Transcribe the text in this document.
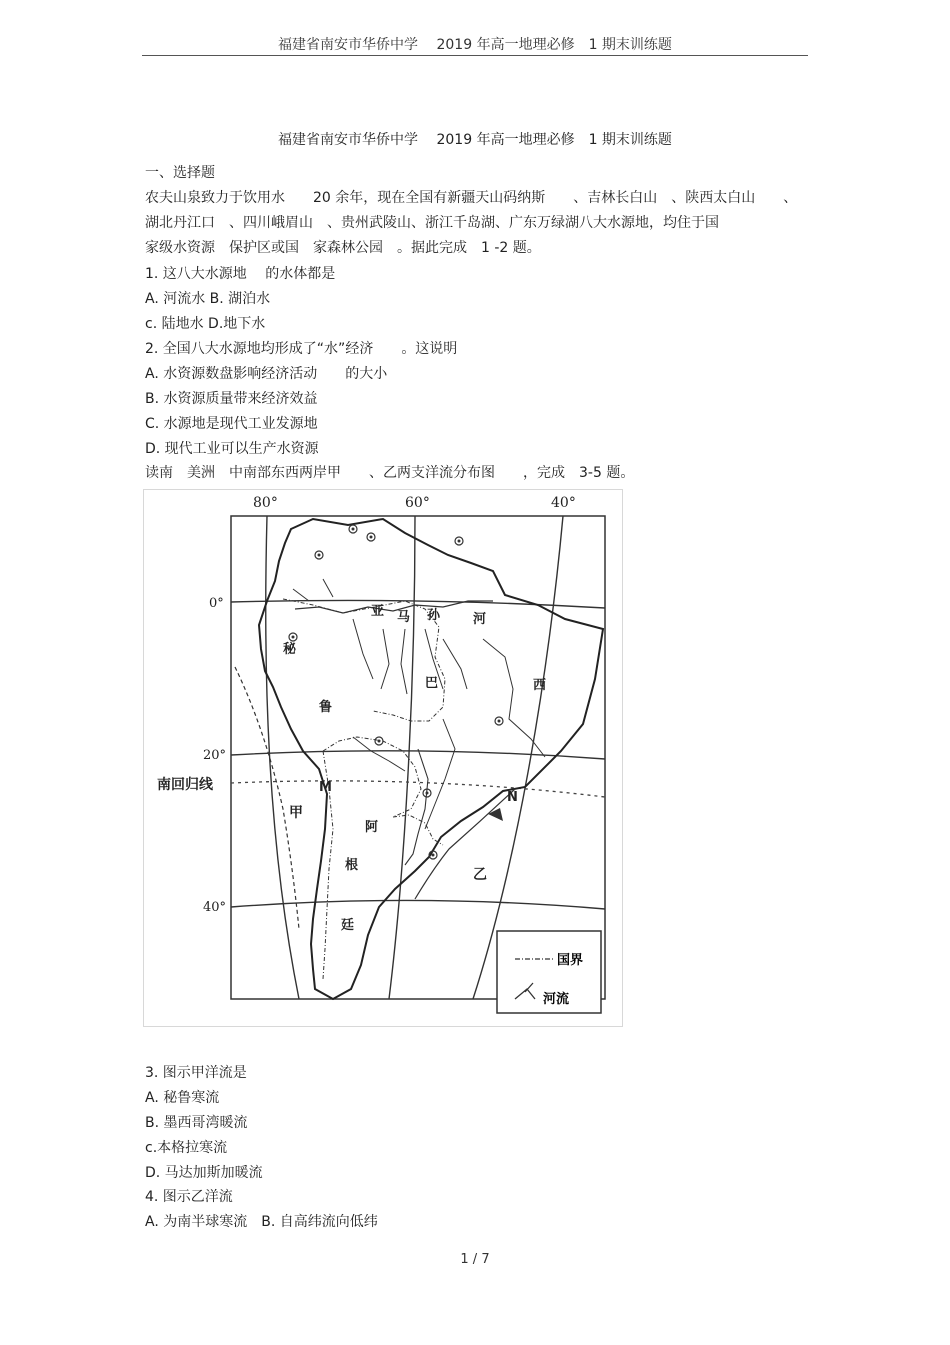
福建省南安市华侨中学　 2019 年高一地理必修　1 期末训练题
福建省南安市华侨中学　 2019 年高一地理必修　1 期末训练题
一、选择题
农夫山泉致力于饮用水　　20 余年，现在全国有新疆天山码纳斯　　、吉林长白山　、陕西太白山　　、
湖北丹江口　、四川峨眉山　、贵州武陵山、浙江千岛湖、广东万绿湖八大水源地，均住于国
家级水资源　保护区或国　家森林公园　。据此完成　1 -2 题。
1. 这八大水源地　 的水体都是
A. 河流水 B. 湖泊水
c. 陆地水 D.地下水
2. 全国八大水源地均形成了“水”经济　　。这说明
A. 水资源数盘影响经济活动　　的大小
B. 水资源质量带来经济效益
C. 水源地是现代工业发源地
D. 现代工业可以生产水资源
读南　美洲　中南部东西两岸甲　　、乙两支洋流分布图　　，完成　3-5 题。
80°	60°	40°
0°
20°
40°
南回归线	M
N
甲
乙
亚 马 孙	河
秘
鲁
巴	西
阿
根
廷
国界
河流
3. 图示甲洋流是
A. 秘鲁寒流
B. 墨西哥湾暖流
c.本格拉寒流
D. 马达加斯加暖流
4. 图示乙洋流
A. 为南半球寒流　B. 自高纬流向低纬
1 / 7
